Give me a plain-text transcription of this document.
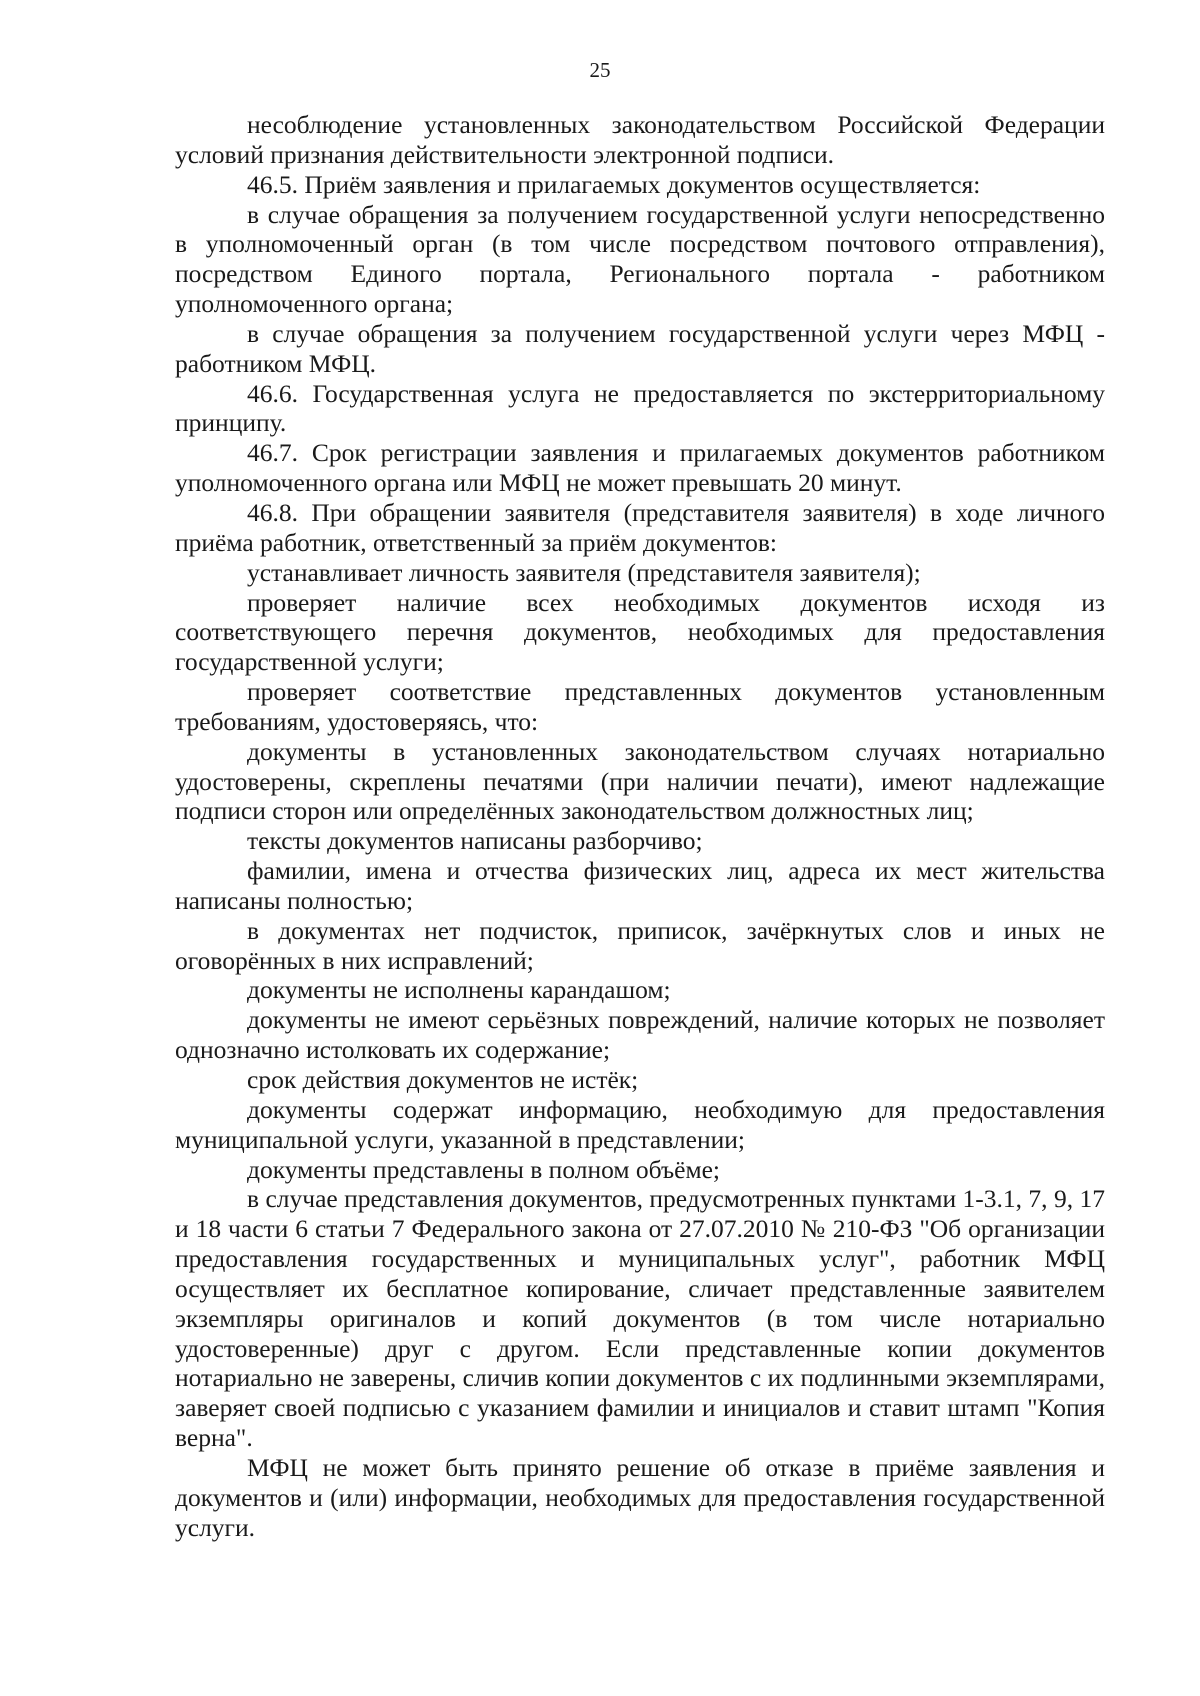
25

несоблюдение установленных законодательством Российской Федерации условий признания действительности электронной подписи.

46.5. Приём заявления и прилагаемых документов осуществляется:

в случае обращения за получением государственной услуги непосредственно в уполномоченный орган (в том числе посредством почтового отправления), посредством Единого портала, Регионального портала - работником уполномоченного органа;

в случае обращения за получением государственной услуги через МФЦ - работником МФЦ.

46.6. Государственная услуга не предоставляется по экстерриториальному принципу.

46.7. Срок регистрации заявления и прилагаемых документов работником уполномоченного органа или МФЦ не может превышать 20 минут.

46.8. При обращении заявителя (представителя заявителя) в ходе личного приёма работник, ответственный за приём документов:

устанавливает личность заявителя (представителя заявителя);

проверяет наличие всех необходимых документов исходя из соответствующего перечня документов, необходимых для предоставления государственной услуги;

проверяет соответствие представленных документов установленным требованиям, удостоверяясь, что:

документы в установленных законодательством случаях нотариально удостоверены, скреплены печатями (при наличии печати), имеют надлежащие подписи сторон или определённых законодательством должностных лиц;

тексты документов написаны разборчиво;

фамилии, имена и отчества физических лиц, адреса их мест жительства написаны полностью;

в документах нет подчисток, приписок, зачёркнутых слов и иных не оговорённых в них исправлений;

документы не исполнены карандашом;

документы не имеют серьёзных повреждений, наличие которых не позволяет однозначно истолковать их содержание;

срок действия документов не истёк;

документы содержат информацию, необходимую для предоставления муниципальной услуги, указанной в представлении;

документы представлены в полном объёме;

в случае представления документов, предусмотренных пунктами 1-3.1, 7, 9, 17 и 18 части 6 статьи 7 Федерального закона от 27.07.2010 № 210-ФЗ "Об организации предоставления государственных и муниципальных услуг", работник МФЦ осуществляет их бесплатное копирование, сличает представленные заявителем экземпляры оригиналов и копий документов (в том числе нотариально удостоверенные) друг с другом. Если представленные копии документов нотариально не заверены, сличив копии документов с их подлинными экземплярами, заверяет своей подписью с указанием фамилии и инициалов и ставит штамп "Копия верна".

МФЦ не может быть принято решение об отказе в приёме заявления и документов и (или) информации, необходимых для предоставления государственной услуги.
